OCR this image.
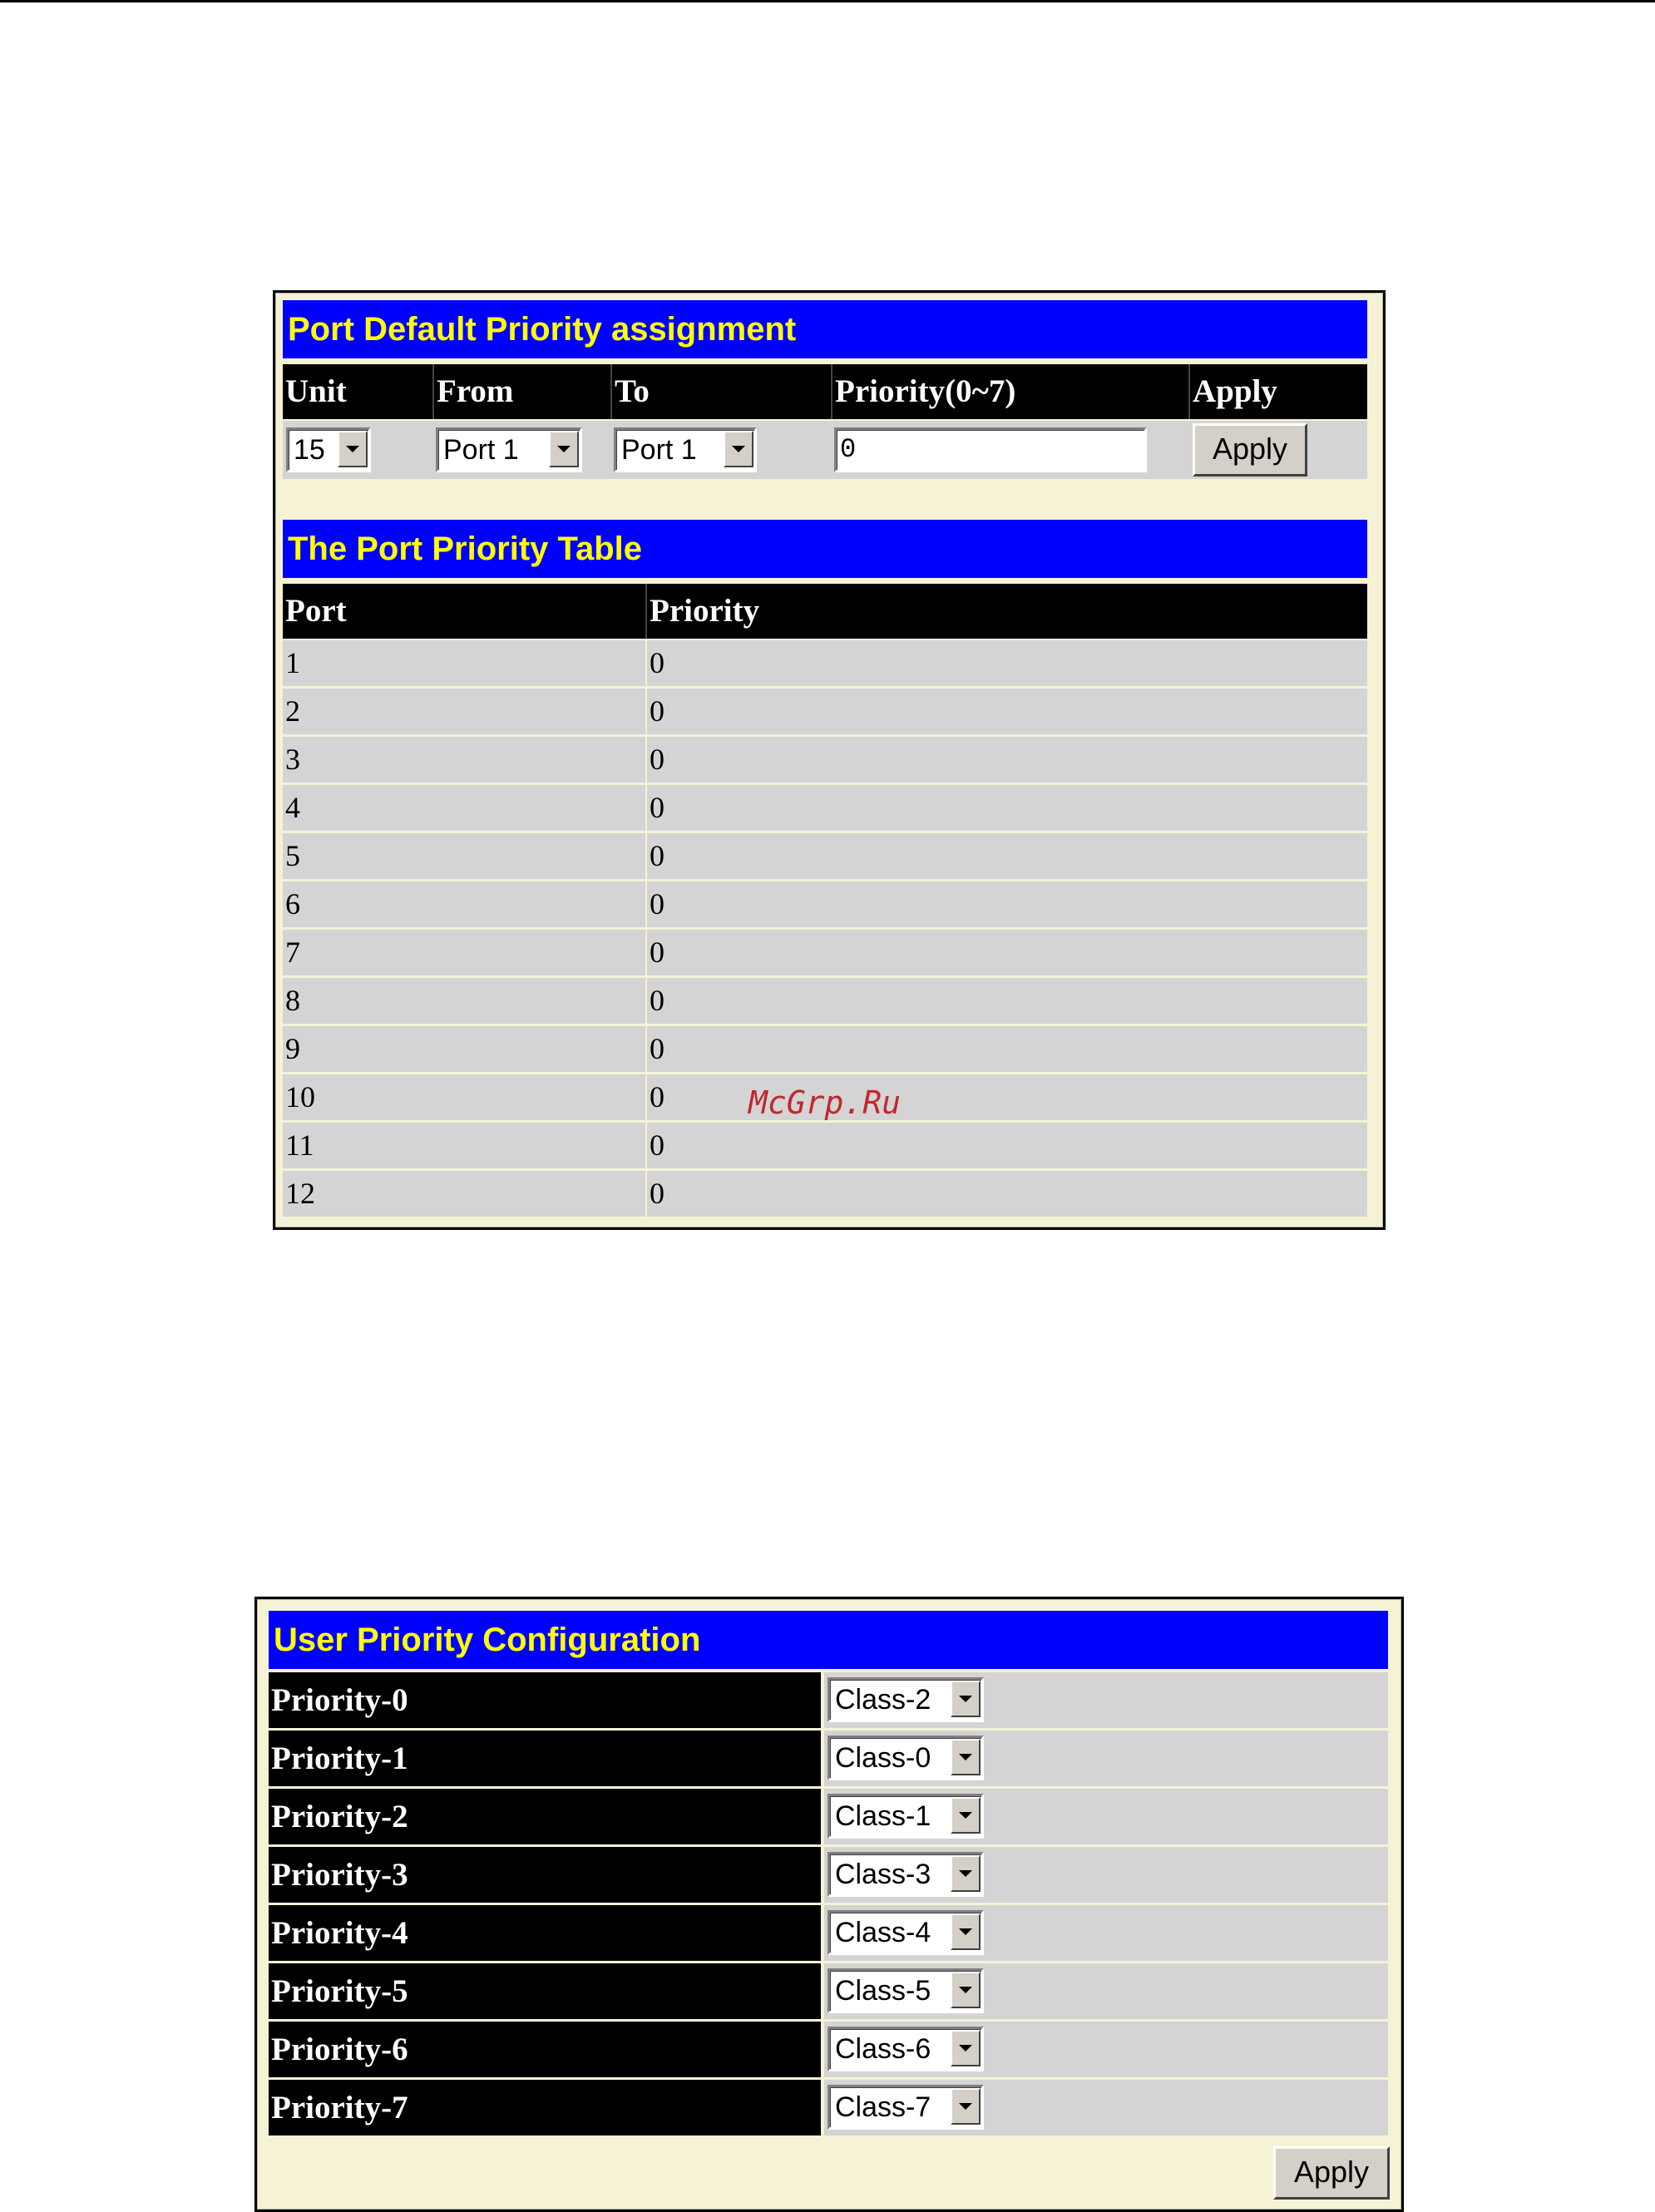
Port Default Priority assignment
Unit	From	To	Priority(0~7)	Apply
15	Port 1	Port 1	0	Apply
The Port Priority Table
Port	Priority
1	0
2	0
3	0
4	0
5	0
6	0
7	0
8	0
9	0
10	0
11	0
12	0
McGrp.Ru
User Priority Configuration
Priority-0	Class-2
Priority-1	Class-0
Priority-2	Class-1
Priority-3	Class-3
Priority-4	Class-4
Priority-5	Class-5
Priority-6	Class-6
Priority-7	Class-7
Apply
